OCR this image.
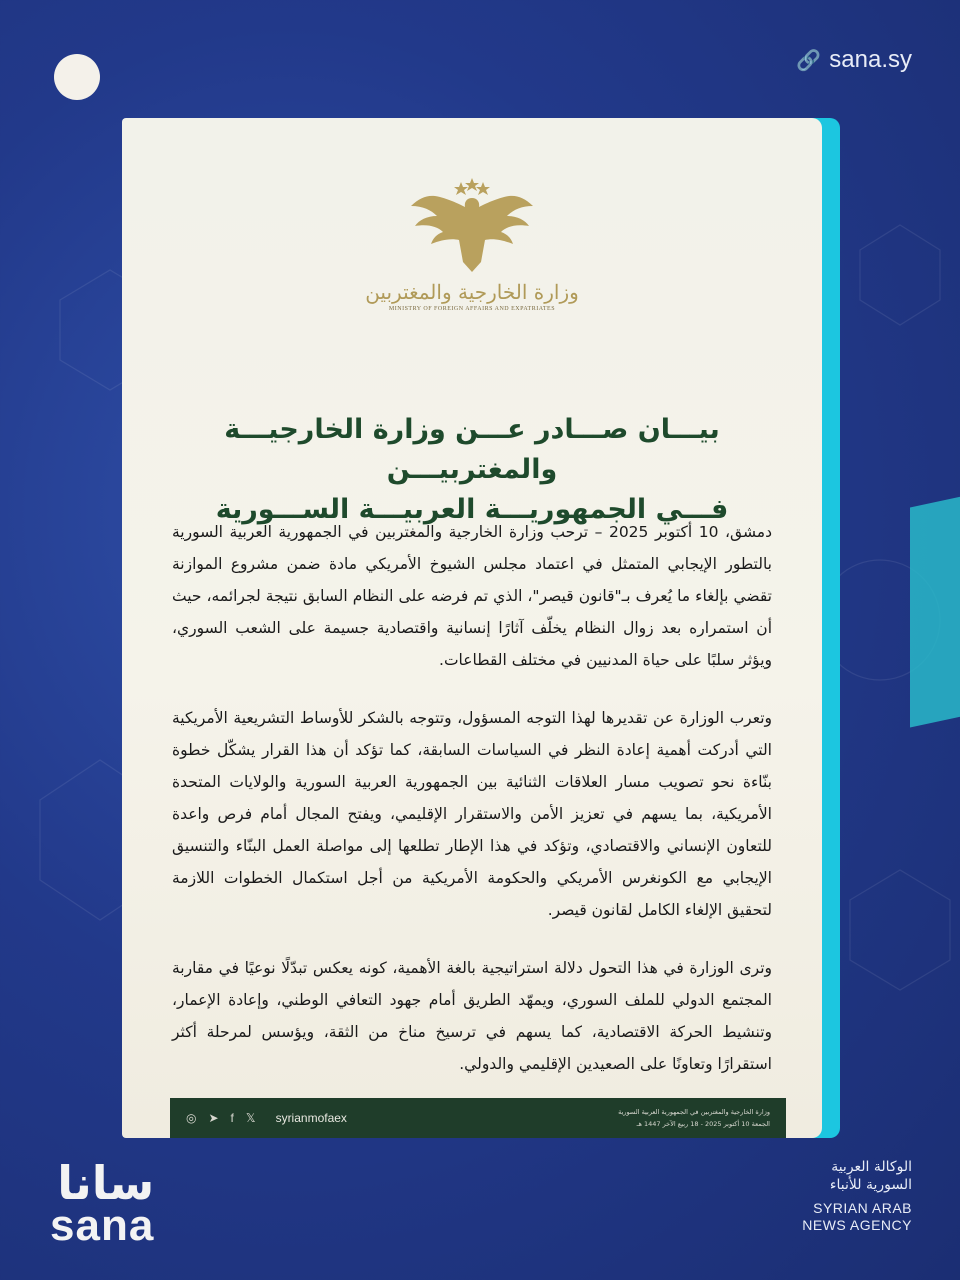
🔗 sana.sy
وزارة الخارجية والمغتربين
MINISTRY OF FOREIGN AFFAIRS AND EXPATRIATES
بيـــان صـــادر عـــن وزارة الخارجيـــة والمغتربيـــن
فـــي الجمهوريـــة العربيـــة الســـورية

دمشق، 10 أكتوبر 2025 – ترحب وزارة الخارجية والمغتربين في الجمهورية العربية السورية بالتطور الإيجابي المتمثل في اعتماد مجلس الشيوخ الأمريكي مادة ضمن مشروع الموازنة تقضي بإلغاء ما يُعرف بـ"قانون قيصر"، الذي تم فرضه على النظام السابق نتيجة لجرائمه، حيث أن استمراره بعد زوال النظام يخلّف آثارًا إنسانية واقتصادية جسيمة على الشعب السوري، ويؤثر سلبًا على حياة المدنيين في مختلف القطاعات.

وتعرب الوزارة عن تقديرها لهذا التوجه المسؤول، وتتوجه بالشكر للأوساط التشريعية الأمريكية التي أدركت أهمية إعادة النظر في السياسات السابقة، كما تؤكد أن هذا القرار يشكّل خطوة بنّاءة نحو تصويب مسار العلاقات الثنائية بين الجمهورية العربية السورية والولايات المتحدة الأمريكية، بما يسهم في تعزيز الأمن والاستقرار الإقليمي، ويفتح المجال أمام فرص واعدة للتعاون الإنساني والاقتصادي، وتؤكد في هذا الإطار تطلعها إلى مواصلة العمل البنّاء والتنسيق الإيجابي مع الكونغرس الأمريكي والحكومة الأمريكية من أجل استكمال الخطوات اللازمة لتحقيق الإلغاء الكامل لقانون قيصر.

وترى الوزارة في هذا التحول دلالة استراتيجية بالغة الأهمية، كونه يعكس تبدّلًا نوعيًا في مقاربة المجتمع الدولي للملف السوري، ويمهّد الطريق أمام جهود التعافي الوطني، وإعادة الإعمار، وتنشيط الحركة الاقتصادية، كما يسهم في ترسيخ مناخ من الثقة، ويؤسس لمرحلة أكثر استقرارًا وتعاونًا على الصعيدين الإقليمي والدولي.

◎ ➤ f 𝕏 syrianmofaex	وزارة الخارجية والمغتربين في الجمهورية العربية السورية
الجمعة 10 أكتوبر 2025 - 18 ربيع الآخر 1447 هـ
سانا
sana
الوكالة العربية
السورية للأنباء
SYRIAN ARAB
NEWS AGENCY
